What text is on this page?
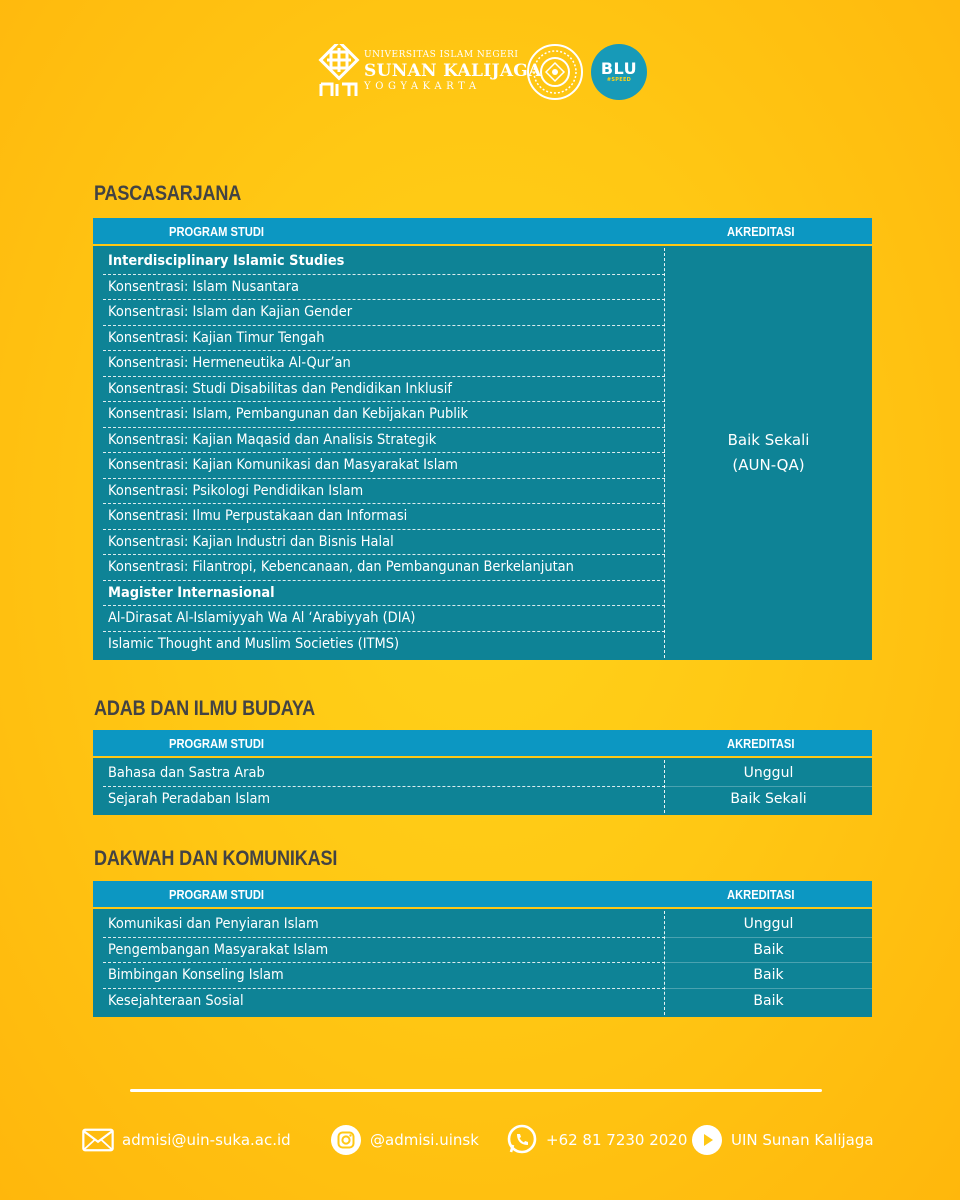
UNIVERSITAS ISLAM NEGERI
SUNAN KALIJAGA
YOGYAKARTA
BLU
#SPEED
PASCASARJANA
PROGRAM STUDI	AKREDITASI
Baik Sekali
(AUN-QA)
Interdisciplinary Islamic Studies
Konsentrasi: Islam Nusantara
Konsentrasi: Islam dan Kajian Gender
Konsentrasi: Kajian Timur Tengah
Konsentrasi: Hermeneutika Al-Qur’an
Konsentrasi: Studi Disabilitas dan Pendidikan Inklusif
Konsentrasi: Islam, Pembangunan dan Kebijakan Publik
Konsentrasi: Kajian Maqasid dan Analisis Strategik
Konsentrasi: Kajian Komunikasi dan Masyarakat Islam
Konsentrasi: Psikologi Pendidikan Islam
Konsentrasi: Ilmu Perpustakaan dan Informasi
Konsentrasi: Kajian Industri dan Bisnis Halal
Konsentrasi: Filantropi, Kebencanaan, dan Pembangunan Berkelanjutan
Magister Internasional
Al-Dirasat Al-Islamiyyah Wa Al ‘Arabiyyah (DIA)
Islamic Thought and Muslim Societies (ITMS)
ADAB DAN ILMU BUDAYA
PROGRAM STUDI	AKREDITASI
Bahasa dan Sastra Arab	Unggul
Sejarah Peradaban Islam	Baik Sekali
DAKWAH DAN KOMUNIKASI
PROGRAM STUDI	AKREDITASI
Komunikasi dan Penyiaran Islam	Unggul
Pengembangan Masyarakat Islam	Baik
Bimbingan Konseling Islam	Baik
Kesejahteraan Sosial	Baik
admisi@uin-suka.ac.id	@admisi.uinsk	+62 81 7230 2020	UIN Sunan Kalijaga
